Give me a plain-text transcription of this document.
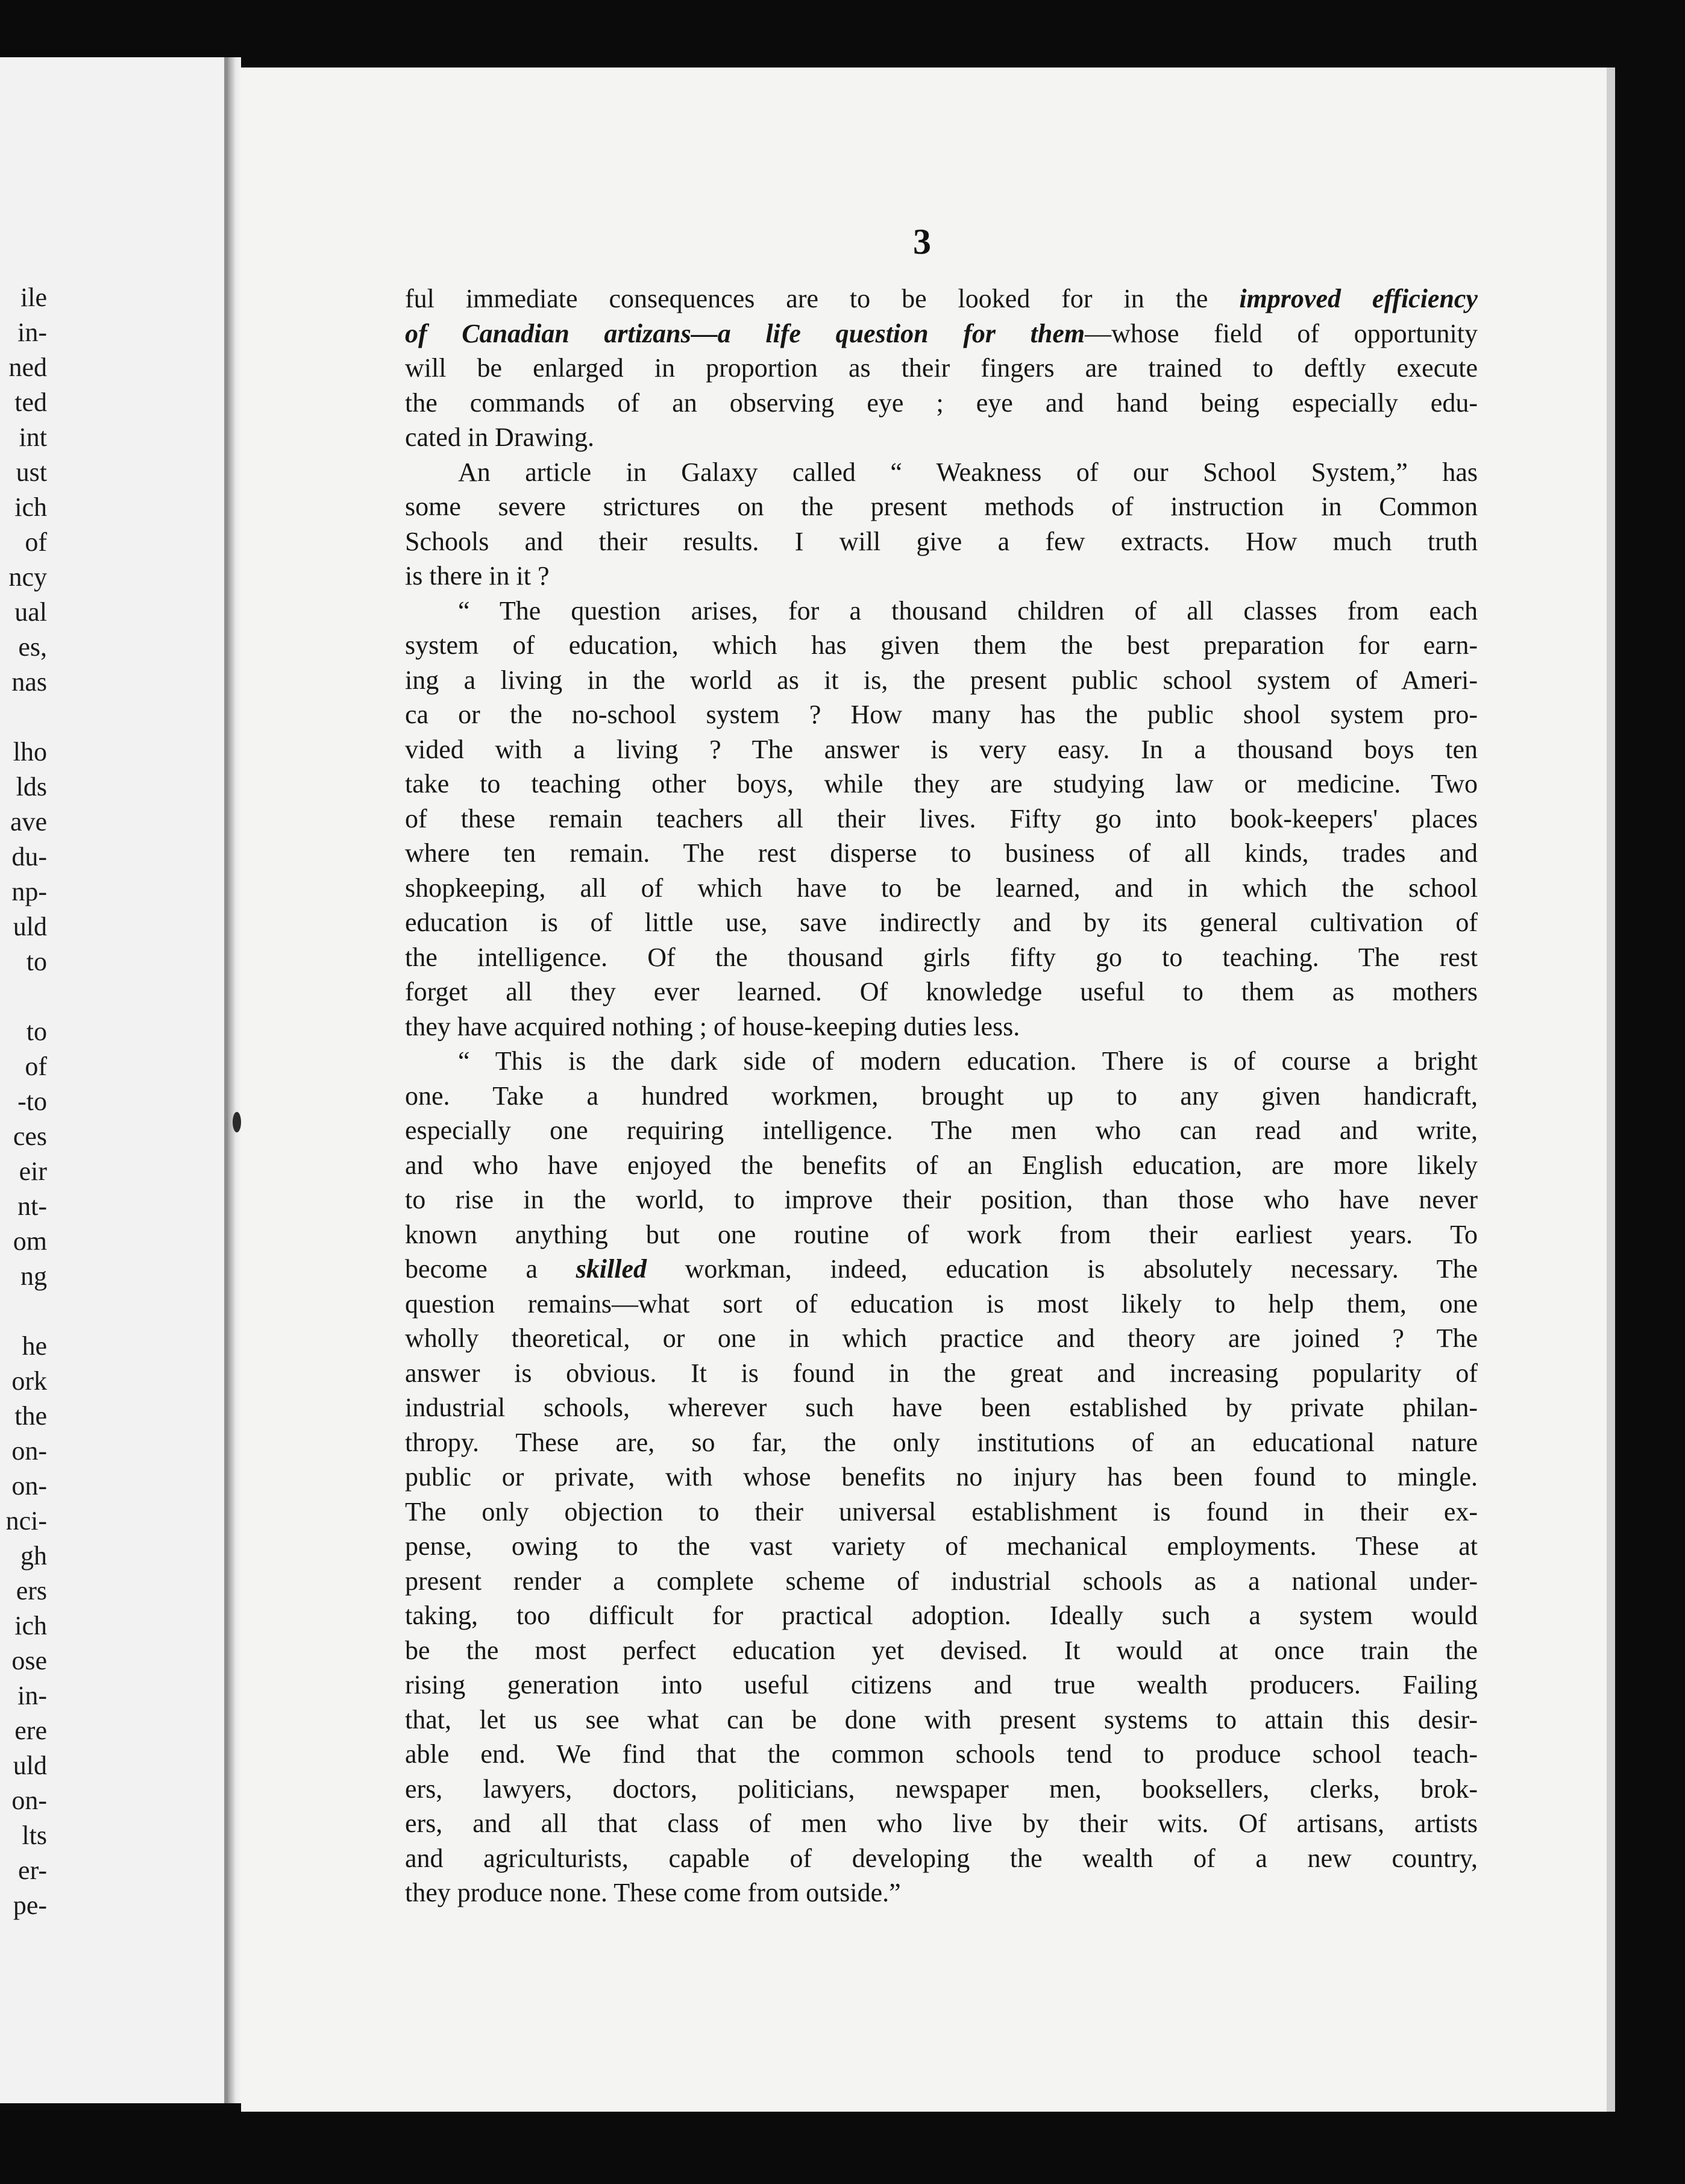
ile
in-
ned
ted
int
ust
ich
of
ncy
ual
es,
nas
lho
lds
ave
du-
np-
uld
to
to
of
-to
ces
eir
nt-
om
ng
he
ork
the
on-
on-
nci-
gh
ers
ich
ose
in-
ere
uld
on-
lts
er-
pe-
3
ful immediate consequences are to be looked for in the improved efficiency
of Canadian artizans—a life question for them—whose field of opportunity
will be enlarged in proportion as their fingers are trained to deftly execute
the commands of an observing eye ; eye and hand being especially edu-
cated in Drawing.
An article in Galaxy called “ Weakness of our School System,” has
some severe strictures on the present methods of instruction in Common
Schools and their results. I will give a few extracts. How much truth
is there in it ?
“ The question arises, for a thousand children of all classes from each
system of education, which has given them the best preparation for earn-
ing a living in the world as it is, the present public school system of Ameri-
ca or the no-school system ? How many has the public shool system pro-
vided with a living ? The answer is very easy. In a thousand boys ten
take to teaching other boys, while they are studying law or medicine. Two
of these remain teachers all their lives. Fifty go into book-keepers' places
where ten remain. The rest disperse to business of all kinds, trades and
shopkeeping, all of which have to be learned, and in which the school
education is of little use, save indirectly and by its general cultivation of
the intelligence. Of the thousand girls fifty go to teaching. The rest
forget all they ever learned. Of knowledge useful to them as mothers
they have acquired nothing ; of house-keeping duties less.
“ This is the dark side of modern education. There is of course a bright
one. Take a hundred workmen, brought up to any given handicraft,
especially one requiring intelligence. The men who can read and write,
and who have enjoyed the benefits of an English education, are more likely
to rise in the world, to improve their position, than those who have never
known anything but one routine of work from their earliest years. To
become a skilled workman, indeed, education is absolutely necessary. The
question remains—what sort of education is most likely to help them, one
wholly theoretical, or one in which practice and theory are joined ? The
answer is obvious. It is found in the great and increasing popularity of
industrial schools, wherever such have been established by private philan-
thropy. These are, so far, the only institutions of an educational nature
public or private, with whose benefits no injury has been found to mingle.
The only objection to their universal establishment is found in their ex-
pense, owing to the vast variety of mechanical employments. These at
present render a complete scheme of industrial schools as a national under-
taking, too difficult for practical adoption. Ideally such a system would
be the most perfect education yet devised. It would at once train the
rising generation into useful citizens and true wealth producers. Failing
that, let us see what can be done with present systems to attain this desir-
able end. We find that the common schools tend to produce school teach-
ers, lawyers, doctors, politicians, newspaper men, booksellers, clerks, brok-
ers, and all that class of men who live by their wits. Of artisans, artists
and agriculturists, capable of developing the wealth of a new country,
they produce none. These come from outside.”
